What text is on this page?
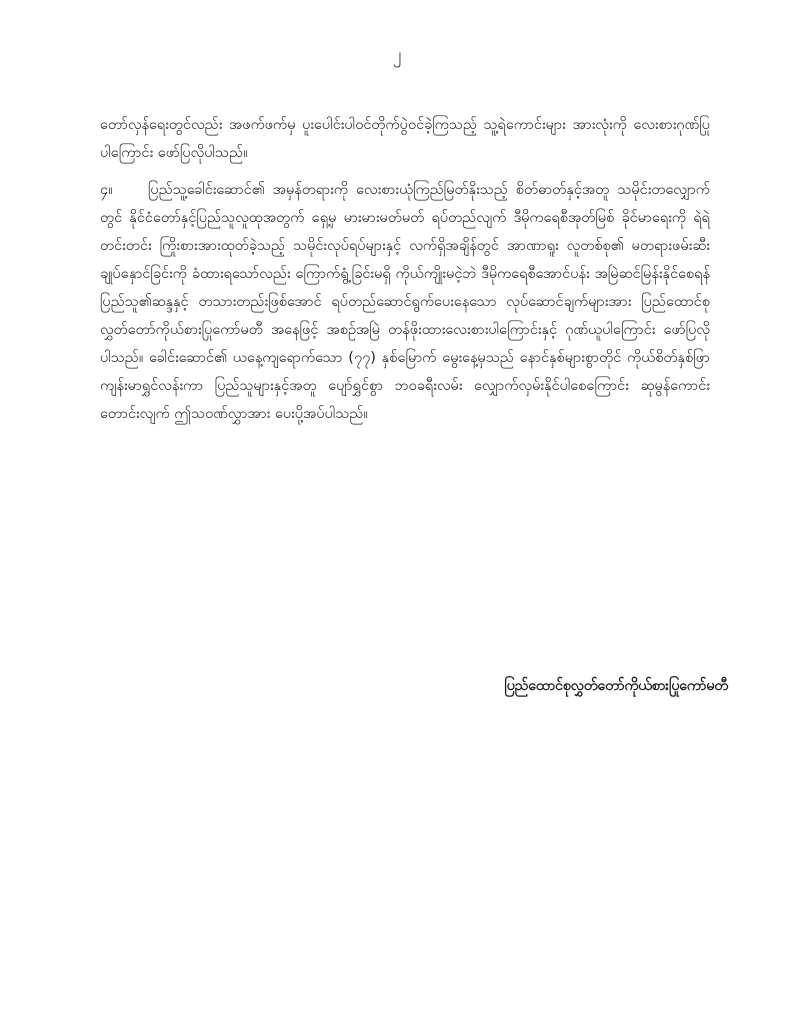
၂

တော်လှန်ရေးတွင်လည်း အဖက်ဖက်မှ ပူးပေါင်းပါဝင်တိုက်ပွဲဝင်ခဲ့ကြသည့် သူ့ရဲကောင်းများ အားလုံးကို လေးစားဂုဏ်ပြုပါကြောင်း ဖော်ပြလိုပါသည်။

၄။ ပြည်သူ့ခေါင်းဆောင်၏ အမှန်တရားကို လေးစားယုံကြည်မြတ်နိုးသည့် စိတ်ဓာတ်နှင့်အတူ သမိုင်းတလျှောက်တွင် နိုင်ငံတော်နှင့်ပြည်သူလူထုအတွက် ရှေ့မှ မားမားမတ်မတ် ရပ်တည်လျက် ဒီမိုကရေစီအုတ်မြစ် ခိုင်မာရေးကို ရဲရဲတင်းတင်း ကြိုးစားအားထုတ်ခဲ့သည့် သမိုင်းလုပ်ရပ်များနှင့် လက်ရှိအချိန်တွင် အာဏာရူး လူတစ်စု၏ မတရားဖမ်းဆီးချုပ်နှောင်ခြင်းကို ခံထားရသော်လည်း ကြောက်ရွံ့ခြင်းမရှိ ကိုယ်ကျိုးမငဲ့ဘဲ ဒီမိုကရေစီအောင်ပန်း အမြဲဆင်မြန်းနိုင်စေရန် ပြည်သူ၏ဆန္ဒနှင့် တသားတည်းဖြစ်အောင် ရပ်တည်ဆောင်ရွက်ပေးနေသော လုပ်ဆောင်ချက်များအား ပြည်ထောင်စုလွှတ်တော်ကိုယ်စားပြုကော်မတီ အနေဖြင့် အစဉ်အမြဲ တန်ဖိုးထားလေးစားပါကြောင်းနှင့် ဂုဏ်ယူပါကြောင်း ဖော်ပြလိုပါသည်။ ခေါင်းဆောင်၏ ယနေ့ကျရောက်သော (၇၇) နှစ်မြောက် မွေးနေ့မှသည် နောင်နှစ်များစွာတိုင် ကိုယ်စိတ်နှစ်ဖြာ ကျန်းမာရွှင်လန်းကာ ပြည်သူများနှင့်အတူ ပျော်ရွှင်စွာ ဘဝခရီးလမ်း လျှောက်လှမ်းနိုင်ပါစေကြောင်း ဆုမွန်ကောင်းတောင်းလျက် ဤသဝဏ်လွှာအား ပေးပို့အပ်ပါသည်။

ပြည်ထောင်စုလွှတ်တော်ကိုယ်စားပြုကော်မတီ
